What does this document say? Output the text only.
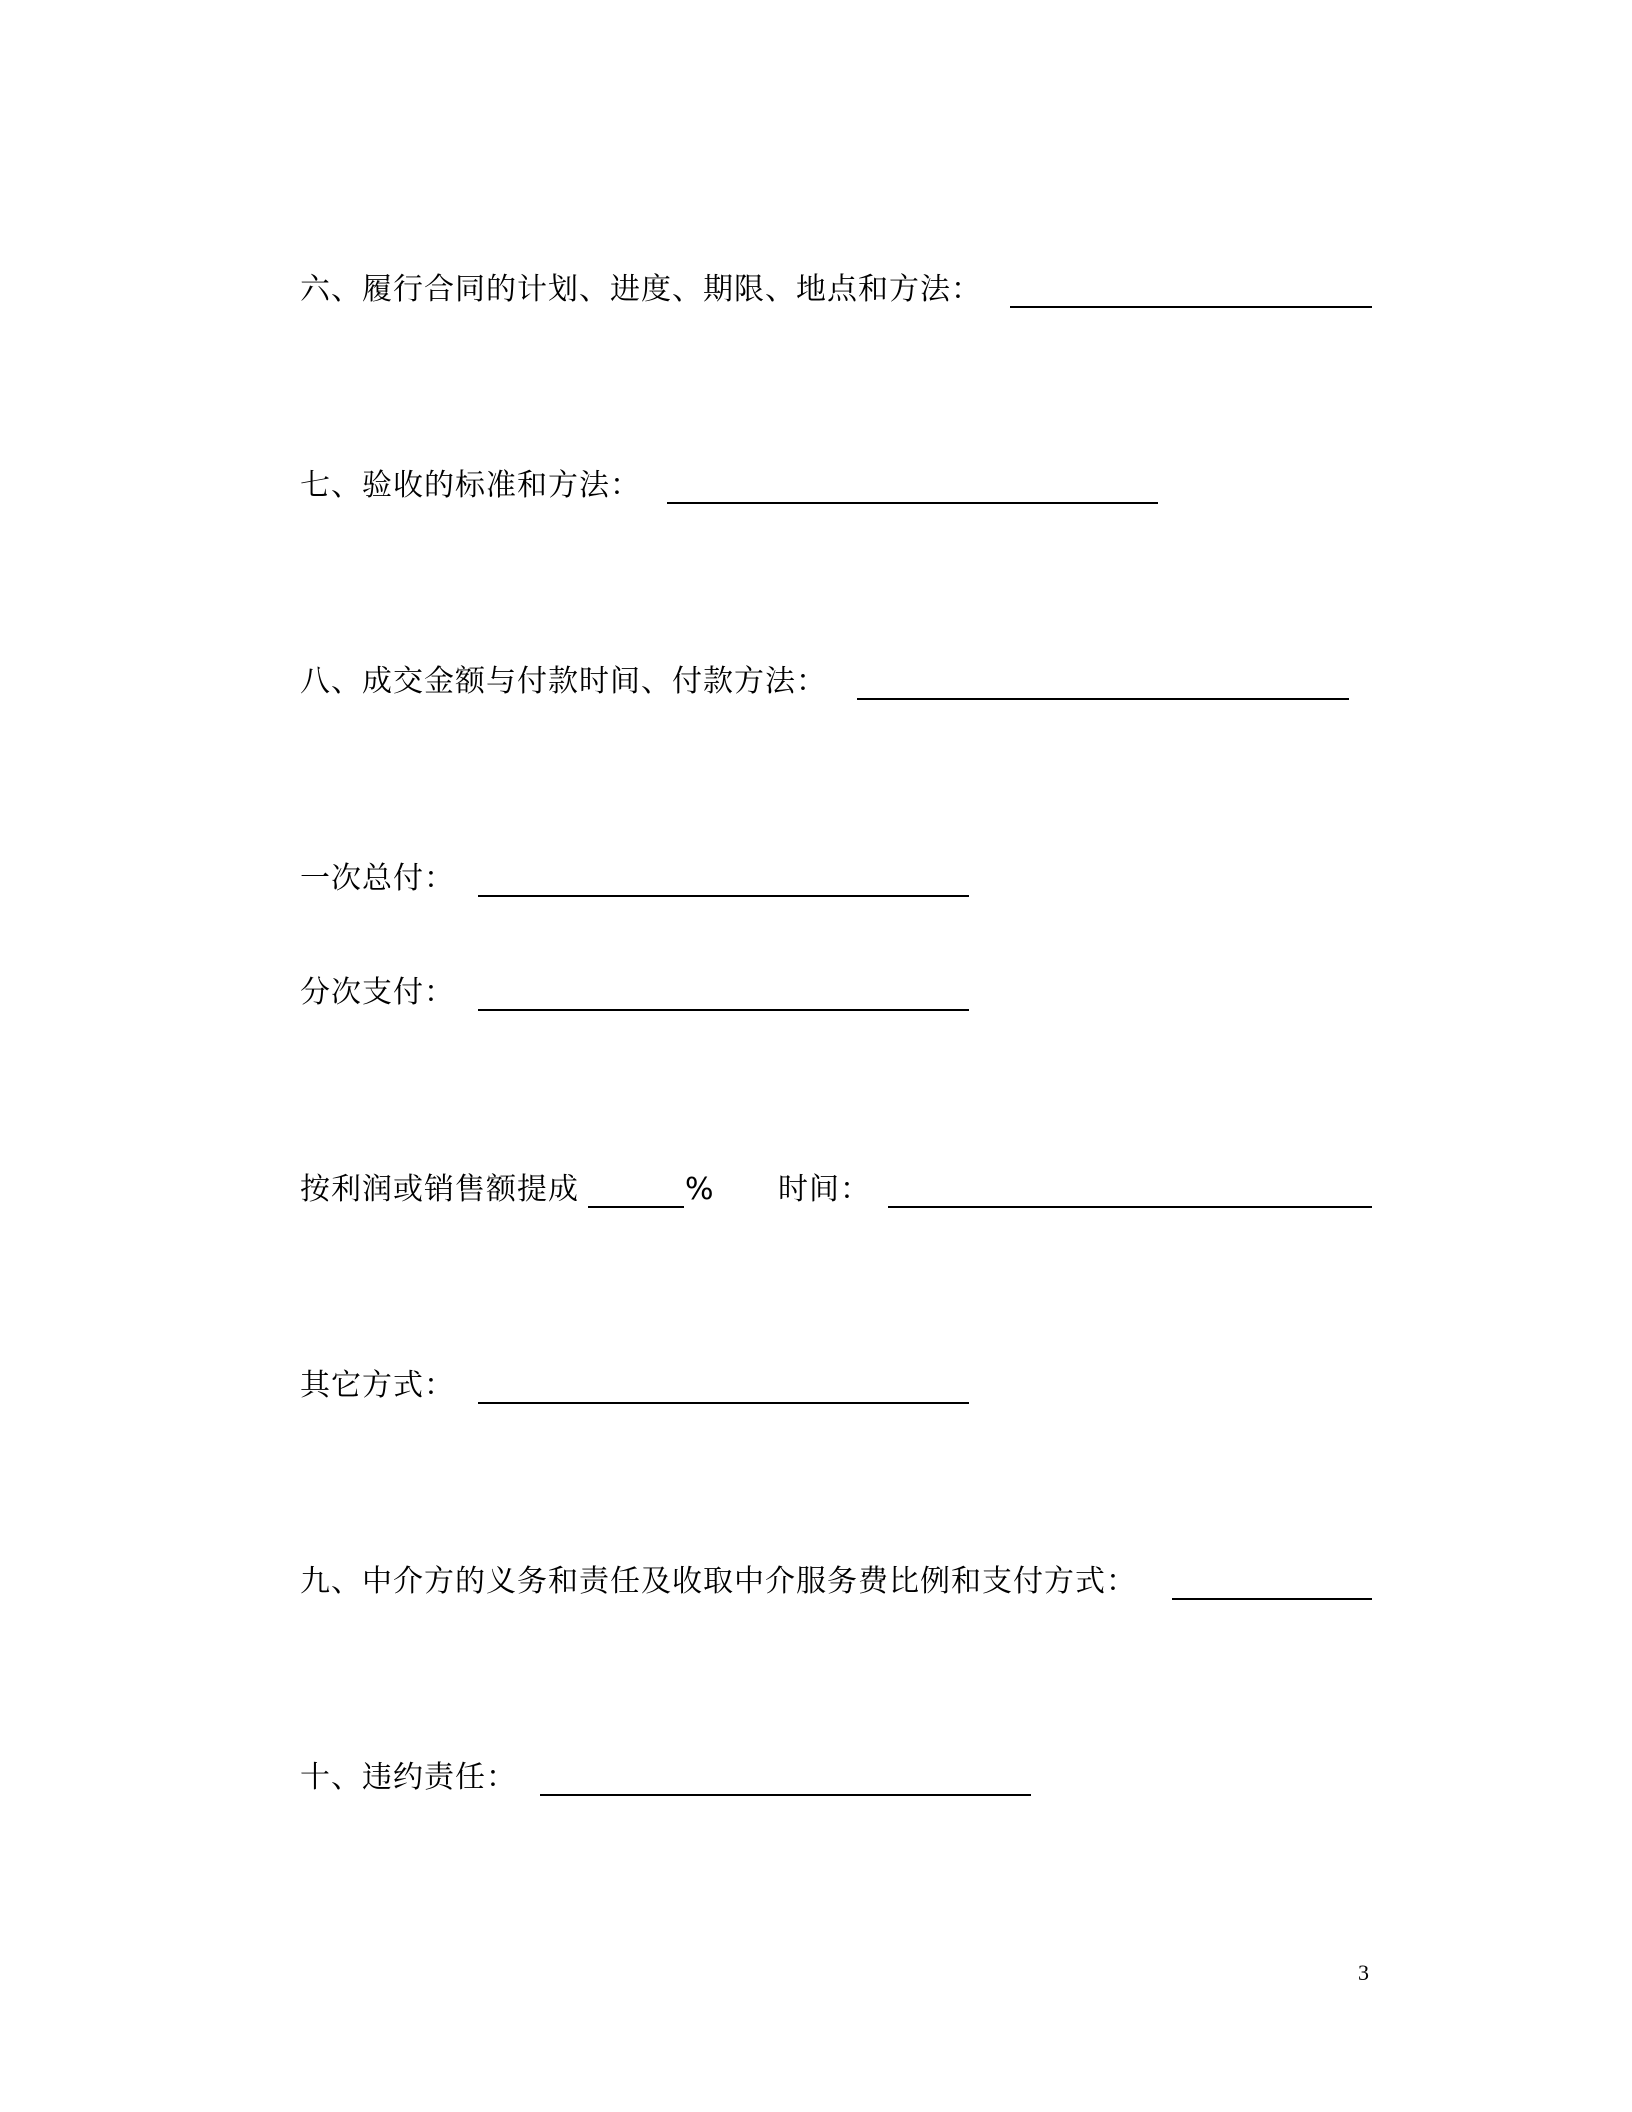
六、履行合同的计划、进度、期限、地点和方法：
七、验收的标准和方法：
八、成交金额与付款时间、付款方法：
一次总付：
分次支付：
按利润或销售额提成	% 时间：
其它方式：
九、中介方的义务和责任及收取中介服务费比例和支付方式：
十、违约责任：
3
